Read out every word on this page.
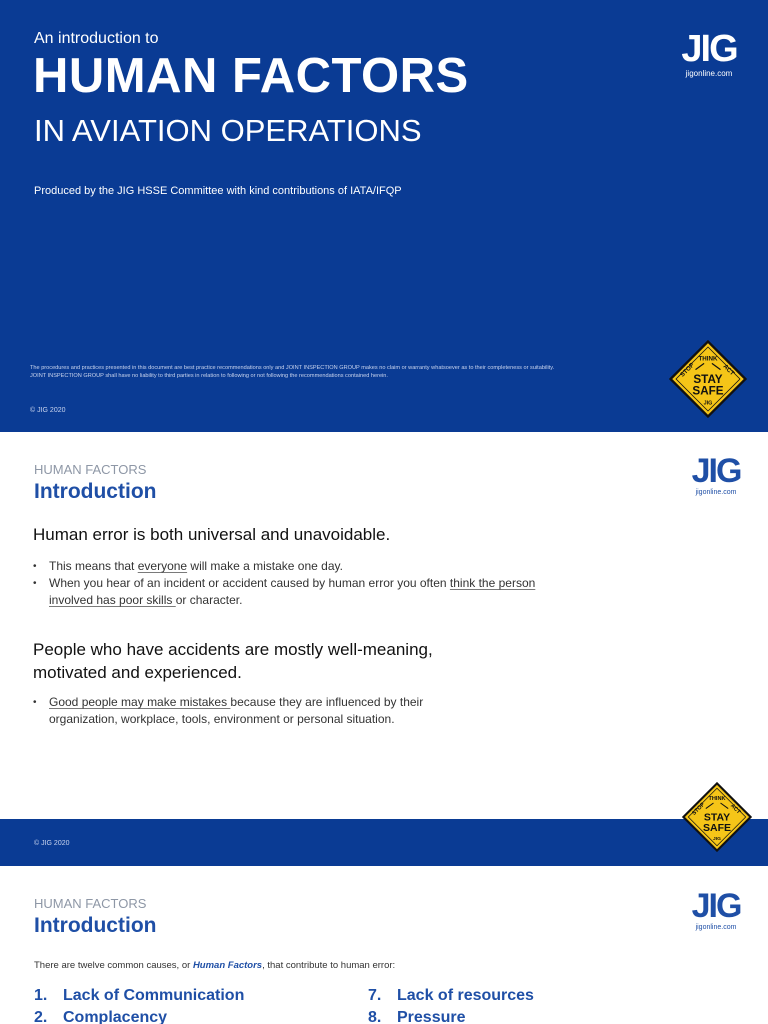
An introduction to
HUMAN FACTORS
IN AVIATION OPERATIONS
Produced by the JIG HSSE Committee with kind contributions of IATA/IFQP
The procedures and practices presented in this document are best practice recommendations only and JOINT INSPECTION GROUP makes no claim or warranty whatsoever as to their completeness or suitability. JOINT INSPECTION GROUP shall have no liability to third parties in relation to following or not following the recommendations contained herein.
© JIG 2020
JIG
jigonline.com
THINK
STOP	ACT
STAY
SAFE
JIG
HUMAN FACTORS
Introduction
JIG
jigonline.com
Human error is both universal and unavoidable.
•	This means that everyone will make a mistake one day.
•	When you hear of an incident or accident caused by human error you often think the person involved has poor skills or character.
People who have accidents are mostly well-meaning, motivated and experienced.
•	Good people may make mistakes because they are influenced by their organization, workplace, tools, environment or personal situation.
© JIG 2020
THINK
STOP	ACT
STAY
SAFE
JIG
HUMAN FACTORS
Introduction
JIG
jigonline.com
There are twelve common causes, or Human Factors, that contribute to human error:
1. Lack of Communication
2. Complacency
7. Lack of resources
8. Pressure
